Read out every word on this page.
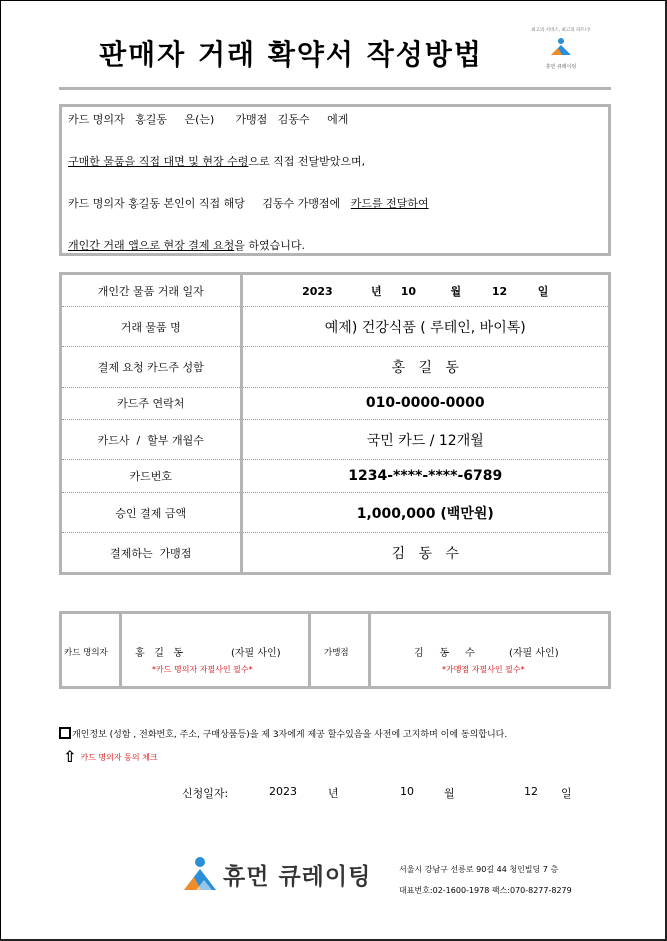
판매자 거래 확약서 작성방법
최고의 서비스, 최고의 파트너!
휴먼 큐레이팅
카드 명의자 홍길동 은(는) 가맹점 김동수 에게
구매한 물품을 직접 대면 및 현장 수령으로 직접 전달받았으며,
카드 명의자 홍길동 본인이 직접 해당 김동수 가맹점에 카드를 전달하여
개인간 거래 앱으로 현장 결제 요청을 하였습니다.
개인간 물품 거래 일자	2023          년     10         월        12        일
거래 물품 명	예제) 건강식품 ( 루테인, 바이톡)
결제 요청 카드주 성함	홍   길   동
카드주 연락처	010-0000-0000
카드사  /  할부 개월수	국민 카드 / 12개월
카드번호	1234-****-****-6789
승인 결제 금액	1,000,000 (백만원)
결제하는  가맹점	김   동   수
카드 명의자	홍   길   동	(자필 사인)
*카드 명의자 자필사인 필수*
가맹점	김     동     수	(자필 사인)
*가맹점 자필사인 필수*
개인정보 (성함 , 전화번호, 주소, 구매상품등)을 제 3자에게 제공 할수있음을 사전에 고지하며 이에 동의합니다.
⇧ 카드 명의자 동의 체크
신청일자:	2023	년	10	월	12 일
휴먼 큐레이팅	서울시 강남구 선릉로 90길 44 청인빌딩 7 층
대표번호:02-1600-1978 팩스:070-8277-8279
